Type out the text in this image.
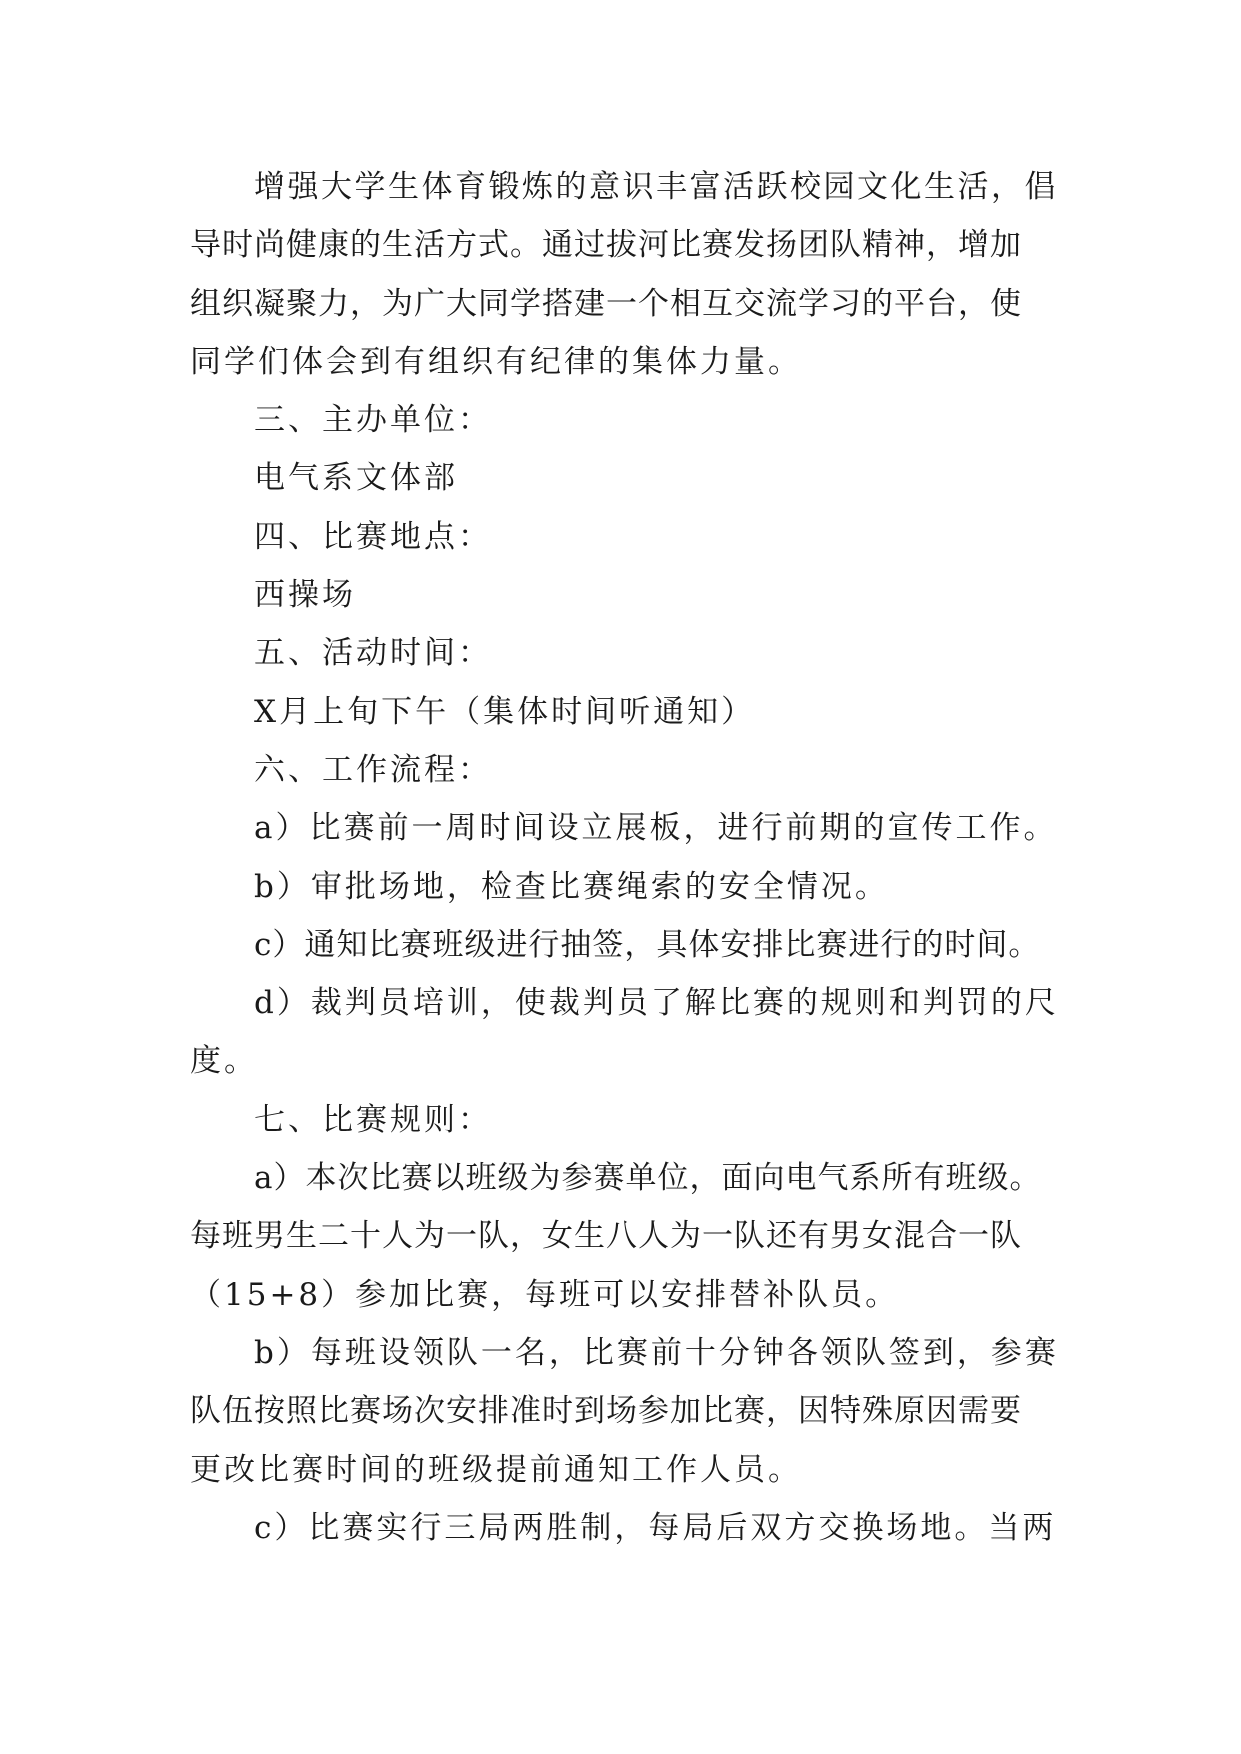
增强大学生体育锻炼的意识丰富活跃校园文化生活，倡
导时尚健康的生活方式。通过拔河比赛发扬团队精神，增加
组织凝聚力，为广大同学搭建一个相互交流学习的平台，使
同学们体会到有组织有纪律的集体力量。
三、主办单位：
电气系文体部
四、比赛地点：
西操场
五、活动时间：
X月上旬下午（集体时间听通知）
六、工作流程：
a）比赛前一周时间设立展板，进行前期的宣传工作。
b）审批场地，检查比赛绳索的安全情况。
c）通知比赛班级进行抽签，具体安排比赛进行的时间。
d）裁判员培训，使裁判员了解比赛的规则和判罚的尺
度。
七、比赛规则：
a）本次比赛以班级为参赛单位，面向电气系所有班级。
每班男生二十人为一队，女生八人为一队还有男女混合一队
（15+8）参加比赛，每班可以安排替补队员。
b）每班设领队一名，比赛前十分钟各领队签到，参赛
队伍按照比赛场次安排准时到场参加比赛，因特殊原因需要
更改比赛时间的班级提前通知工作人员。
c）比赛实行三局两胜制，每局后双方交换场地。当两
